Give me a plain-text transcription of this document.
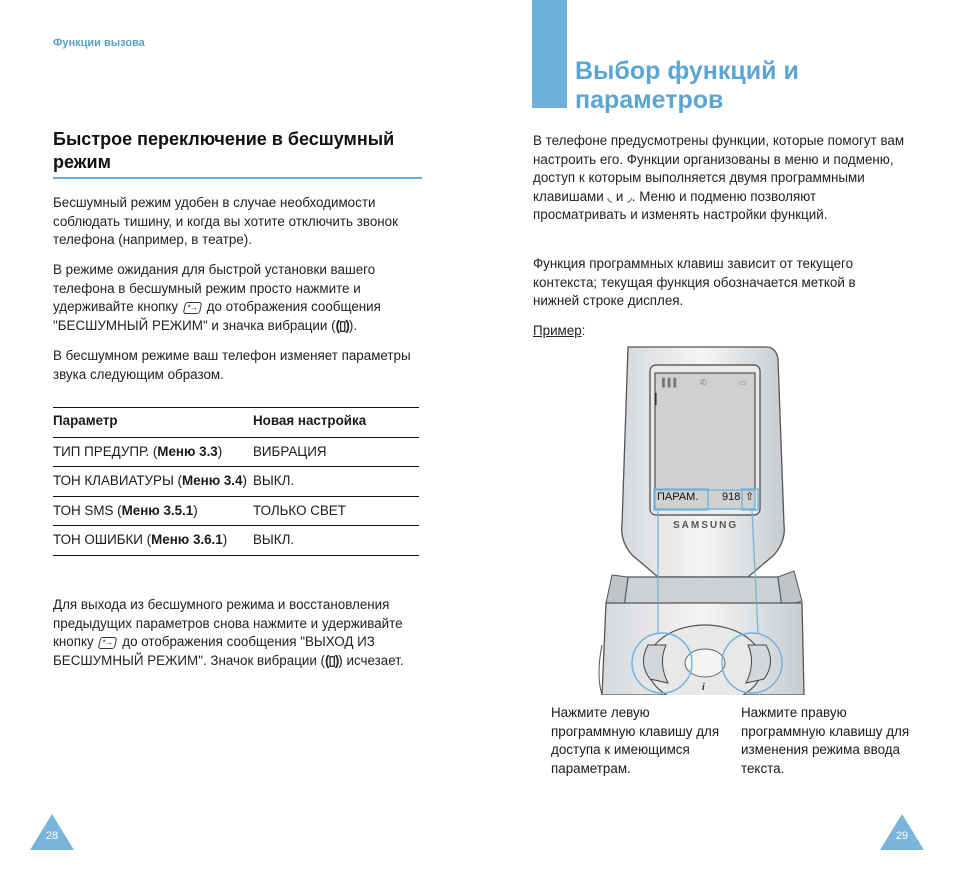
Функции вызова
Быстрое переключение в бесшумный режим
Бесшумный режим удобен в случае необходимости соблюдать тишину, и когда вы хотите отключить звонок телефона (например, в театре).
В режиме ожидания для быстрой установки вашего телефона в бесшумный режим просто нажмите и удерживайте кнопку *→ до отображения сообщения "БЕСШУМНЫЙ РЕЖИМ" и значка вибрации ((▯)).
В бесшумном режиме ваш телефон изменяет параметры звука следующим образом.
Параметр	Новая настройка
ТИП ПРЕДУПР. (Меню 3.3)	ВИБРАЦИЯ
ТОН КЛАВИАТУРЫ (Меню 3.4)	ВЫКЛ.
ТОН SMS (Меню 3.5.1)	ТОЛЬКО СВЕТ
ТОН ОШИБКИ (Меню 3.6.1)	ВЫКЛ.
Для выхода из бесшумного режима и восстановления предыдущих параметров снова нажмите и удерживайте кнопку *→ до отображения сообщения "ВЫХОД ИЗ БЕСШУМНЫЙ РЕЖИМ". Значок вибрации ((▯)) исчезает.
28
Выбор функций и параметров
В телефоне предусмотрены функции, которые помогут вам настроить его. Функции организованы в меню и подменю, доступ к которым выполняется двумя программными клавишами ◟ и ◞. Меню и подменю позволяют просматривать и изменять настройки функций.
Функция программных клавиш зависит от текущего контекста; текущая функция обозначается меткой в нижней строке дисплея.
Пример:
▌▌▌	✆	▭
SAMSUNG
i
ПАРАМ. 918 ⇧
Нажмите левую программную клавишу для доступа к имеющимся параметрам.
Нажмите правую программную клавишу для изменения режима ввода текста.
29
